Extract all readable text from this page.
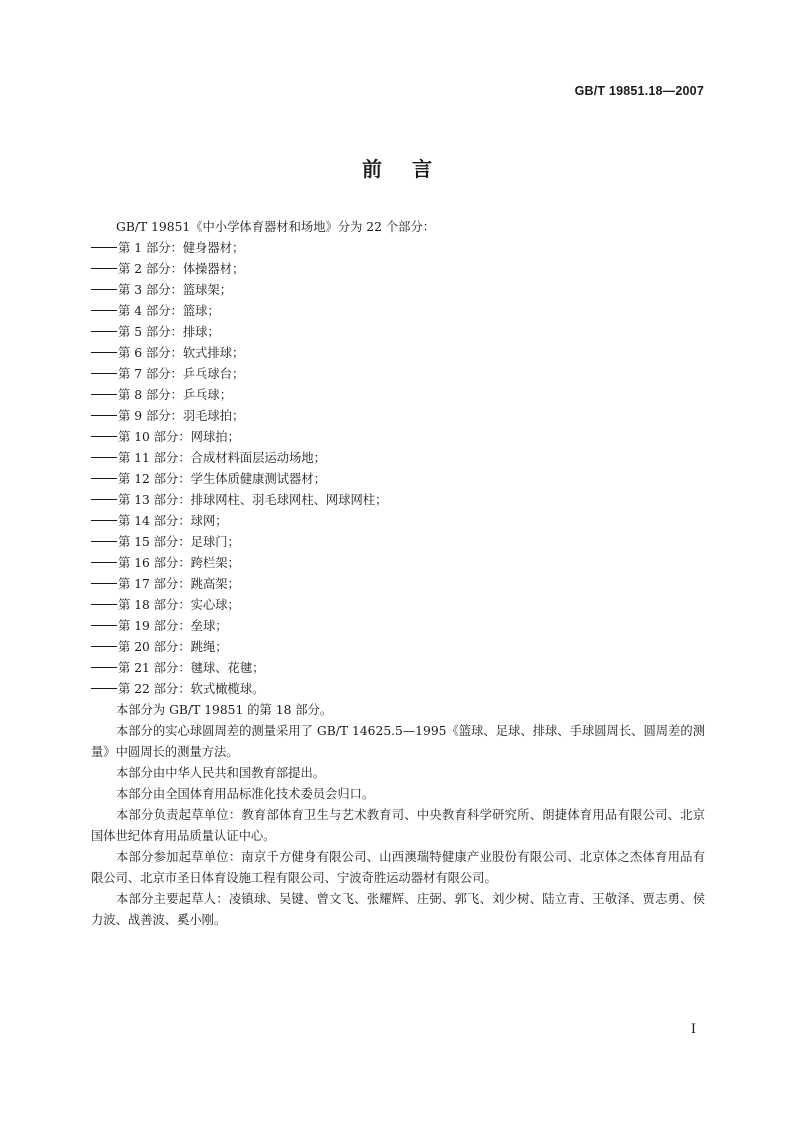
GB/T 19851.18—2007
前言

GB/T 19851《中小学体育器材和场地》分为 22 个部分：

第 1 部分：健身器材；

第 2 部分：体操器材；

第 3 部分：篮球架；

第 4 部分：篮球；

第 5 部分：排球；

第 6 部分：软式排球；

第 7 部分：乒乓球台；

第 8 部分：乒乓球；

第 9 部分：羽毛球拍；

第 10 部分：网球拍；

第 11 部分：合成材料面层运动场地；

第 12 部分：学生体质健康测试器材；

第 13 部分：排球网柱、羽毛球网柱、网球网柱；

第 14 部分：球网；

第 15 部分：足球门；

第 16 部分：跨栏架；

第 17 部分：跳高架；

第 18 部分：实心球；

第 19 部分：垒球；

第 20 部分：跳绳；

第 21 部分：毽球、花毽；

第 22 部分：软式橄榄球。

本部分为 GB/T 19851 的第 18 部分。

本部分的实心球圆周差的测量采用了 GB/T 14625.5—1995《篮球、足球、排球、手球圆周长、圆周差的测量》中圆周长的测量方法。

本部分由中华人民共和国教育部提出。

本部分由全国体育用品标准化技术委员会归口。

本部分负责起草单位：教育部体育卫生与艺术教育司、中央教育科学研究所、朗捷体育用品有限公司、北京国体世纪体育用品质量认证中心。

本部分参加起草单位：南京千方健身有限公司、山西澳瑞特健康产业股份有限公司、北京体之杰体育用品有限公司、北京市圣日体育设施工程有限公司、宁波奇胜运动器材有限公司。

本部分主要起草人：凌镇球、吴键、曾文飞、张耀辉、庄弼、郭飞、刘少树、陆立青、王敬泽、贾志勇、侯力波、战善波、奚小刚。

I
